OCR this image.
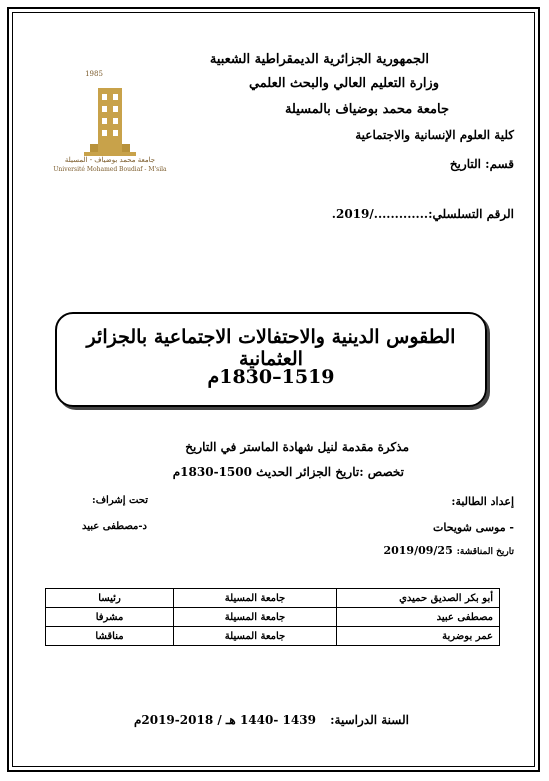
الجمهورية الجزائرية الديمقراطية الشعبية
وزارة التعليم العالي والبحث العلمي
جامعة محمد بوضياف بالمسيلة
كلية العلوم الإنسانية والاجتماعية
قسم: التاريخ
1985
جامعة محمد بوضياف - المسيلة
Université Mohamed Boudiaf - M'sila
الرقم التسلسلي:............./2019.
الطقوس الدينية والاحتفالات الاجتماعية بالجزائر العثمانية
1519–1830م
مذكرة مقدمة لنيل شهادة الماستر في التاريخ
تخصص :تاريخ الجزائر الحديث 1500-1830م
إعداد الطالبة:
تحت إشراف:
- موسى شويحات
د-مصطفى عبيد
تاريخ المناقشة: 2019/09/25
أبو بكر الصديق حميدي	جامعة المسيلة	رئيسا
مصطفى عبيد	جامعة المسيلة	مشرفا
عمر بوضربة	جامعة المسيلة	مناقشا
السنة الدراسية: 1439 -1440 هـ / 2018-2019م
